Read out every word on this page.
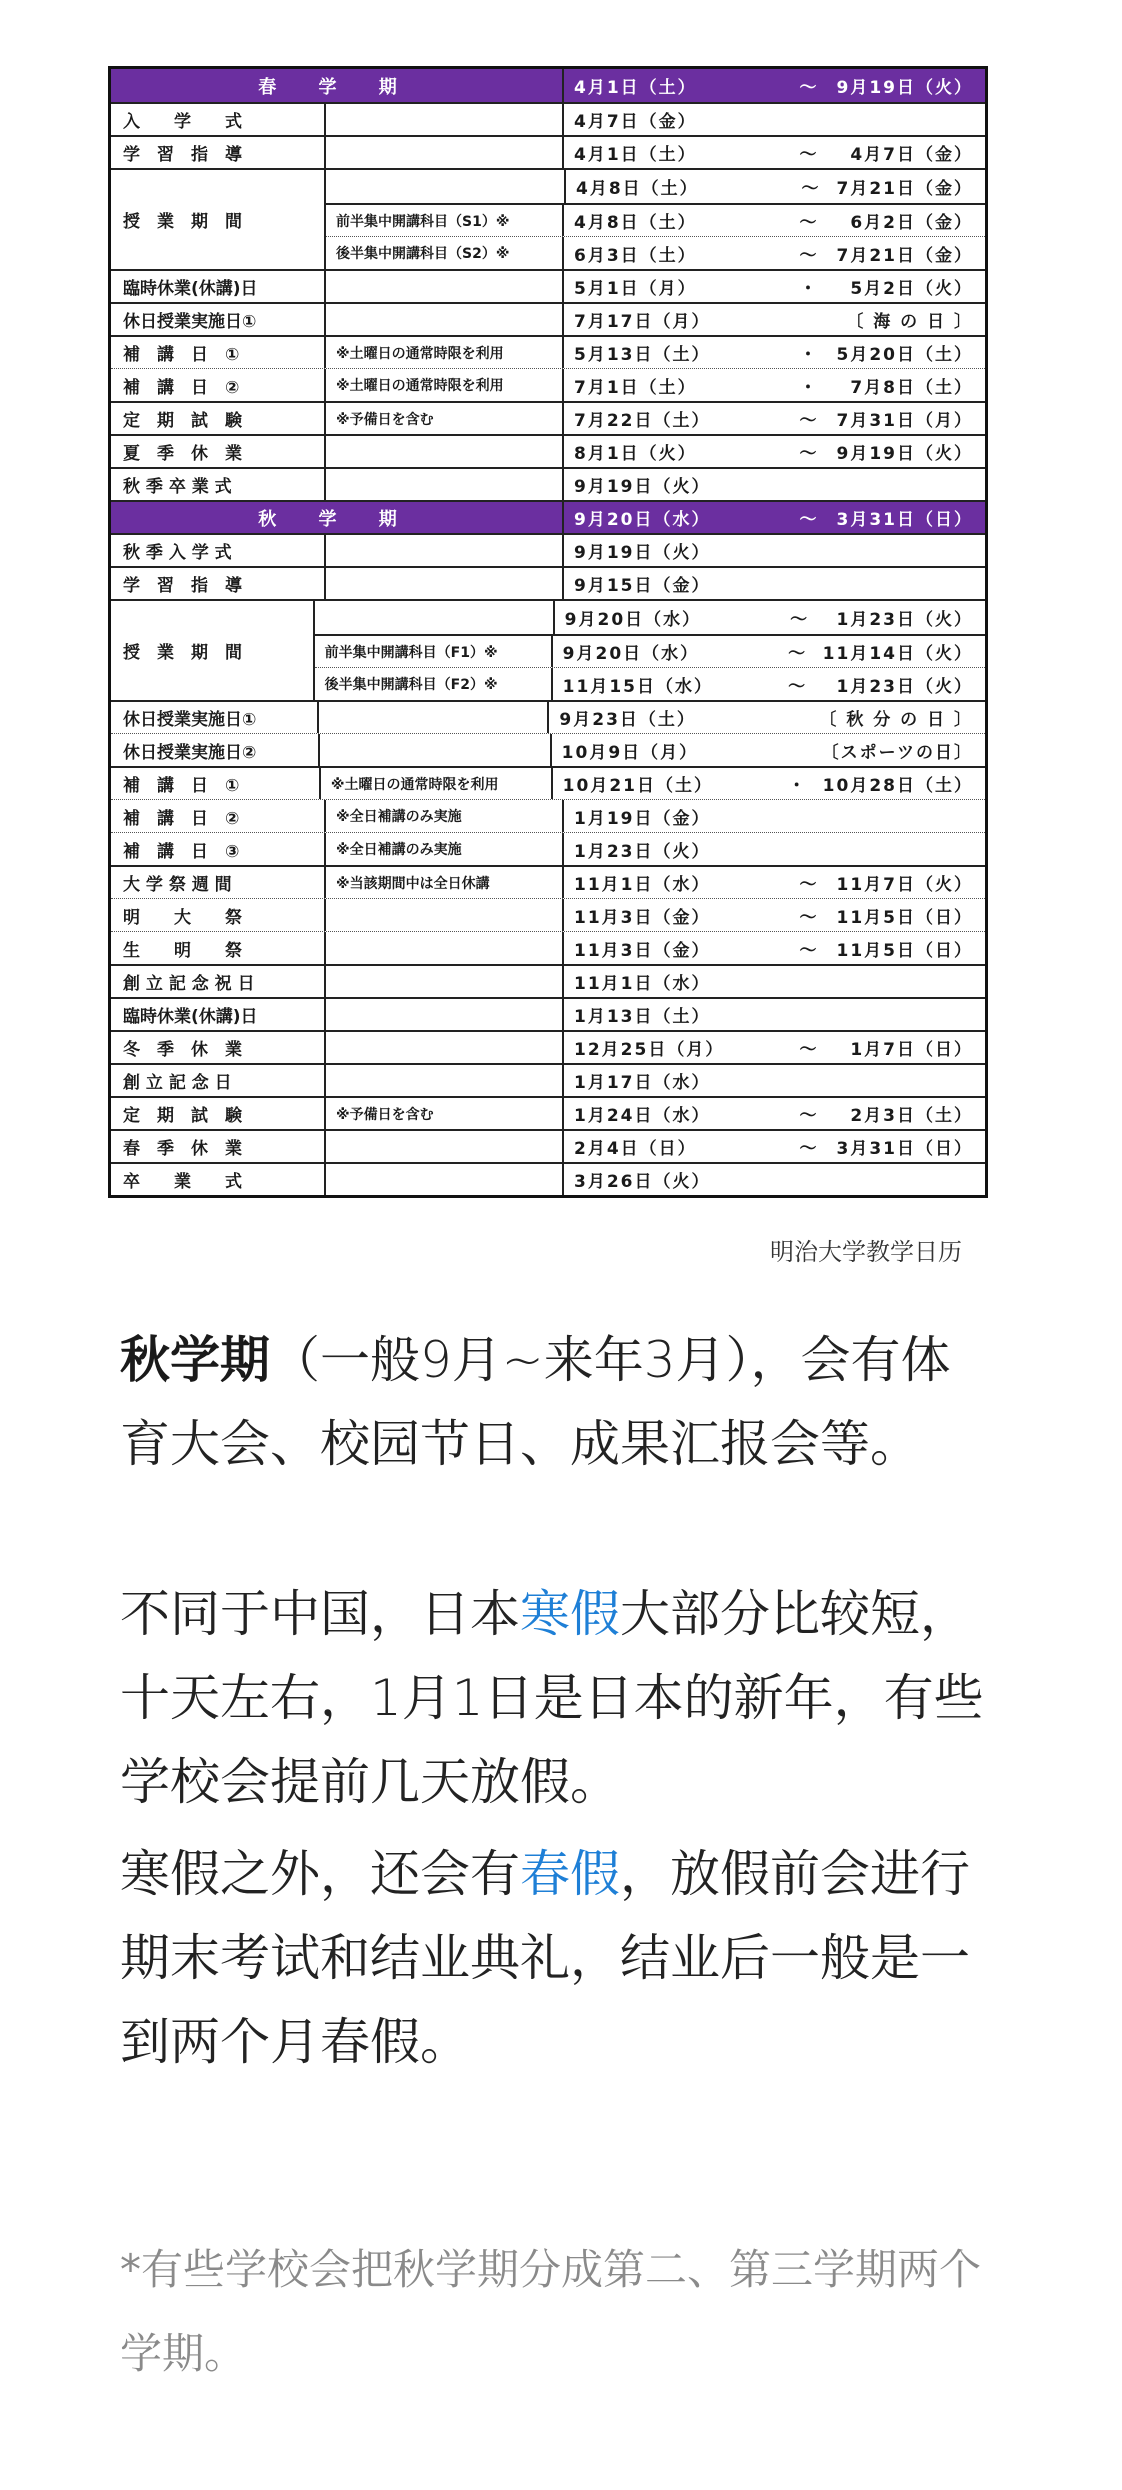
春 学 期	4月1日（土）	～	9月19日（火）
入　　学　　式	4月7日（金）
学　習　指　導	4月1日（土）	～	4月7日（金）
授　業　期　間
4月8日（土）	～ 7月21日（金）
前半集中開講科目（S1）※	4月8日（土）	～	6月2日（金）
後半集中開講科目（S2）※	6月3日（土）	～	7月21日（金）
臨時休業(休講)日	5月1日（月）	・	5月2日（火）
休日授業実施日①	7月17日（月）	〔 海 の 日 〕
補　講　日　①	※土曜日の通常時限を利用	5月13日（土）	・	5月20日（土）
補　講　日　②	※土曜日の通常時限を利用	7月1日（土）	・	7月8日（土）
定　期　試　験	※予備日を含む	7月22日（土）	～	7月31日（月）
夏　季　休　業	8月1日（火）	～	9月19日（火）
秋 季 卒 業 式	9月19日（火）
秋 学 期	9月20日（水）	～	3月31日（日）
秋 季 入 学 式	9月19日（火）
学　習　指　導	9月15日（金）
授　業　期　間
9月20日（水）	～	1月23日（火）
前半集中開講科目（F1）※	9月20日（水）	～ 11月14日（火）
後半集中開講科目（F2）※	11月15日（水）	～	1月23日（火）
休日授業実施日①	9月23日（土）	〔 秋 分 の 日 〕
休日授業実施日②	10月9日（月）	〔スポーツの日〕
補　講　日　①	※土曜日の通常時限を利用	10月21日（土）	・ 10月28日（土）
補　講　日　②	※全日補講のみ実施	1月19日（金）
補　講　日　③	※全日補講のみ実施	1月23日（火）
大 学 祭 週 間	※当該期間中は全日休講	11月1日（水）	～	11月7日（火）
明　　大　　祭	11月3日（金）	～	11月5日（日）
生　　明　　祭	11月3日（金）	～	11月5日（日）
創 立 記 念 祝 日	11月1日（水）
臨時休業(休講)日	1月13日（土）
冬　季　休　業	12月25日（月）	～	1月7日（日）
創 立 記 念 日	1月17日（水）
定　期　試　験	※予備日を含む	1月24日（水）	～	2月3日（土）
春　季　休　業	2月4日（日）	～	3月31日（日）
卒　　業　　式	3月26日（火）
明治大学教学日历

秋学期（一般9月~来年3月），会有体育大会、校园节日、成果汇报会等。

不同于中国，日本寒假大部分比较短，十天左右，1月1日是日本的新年，有些学校会提前几天放假。

寒假之外，还会有春假，放假前会进行期末考试和结业典礼，结业后一般是一到两个月春假。

*有些学校会把秋学期分成第二、第三学期两个学期。
